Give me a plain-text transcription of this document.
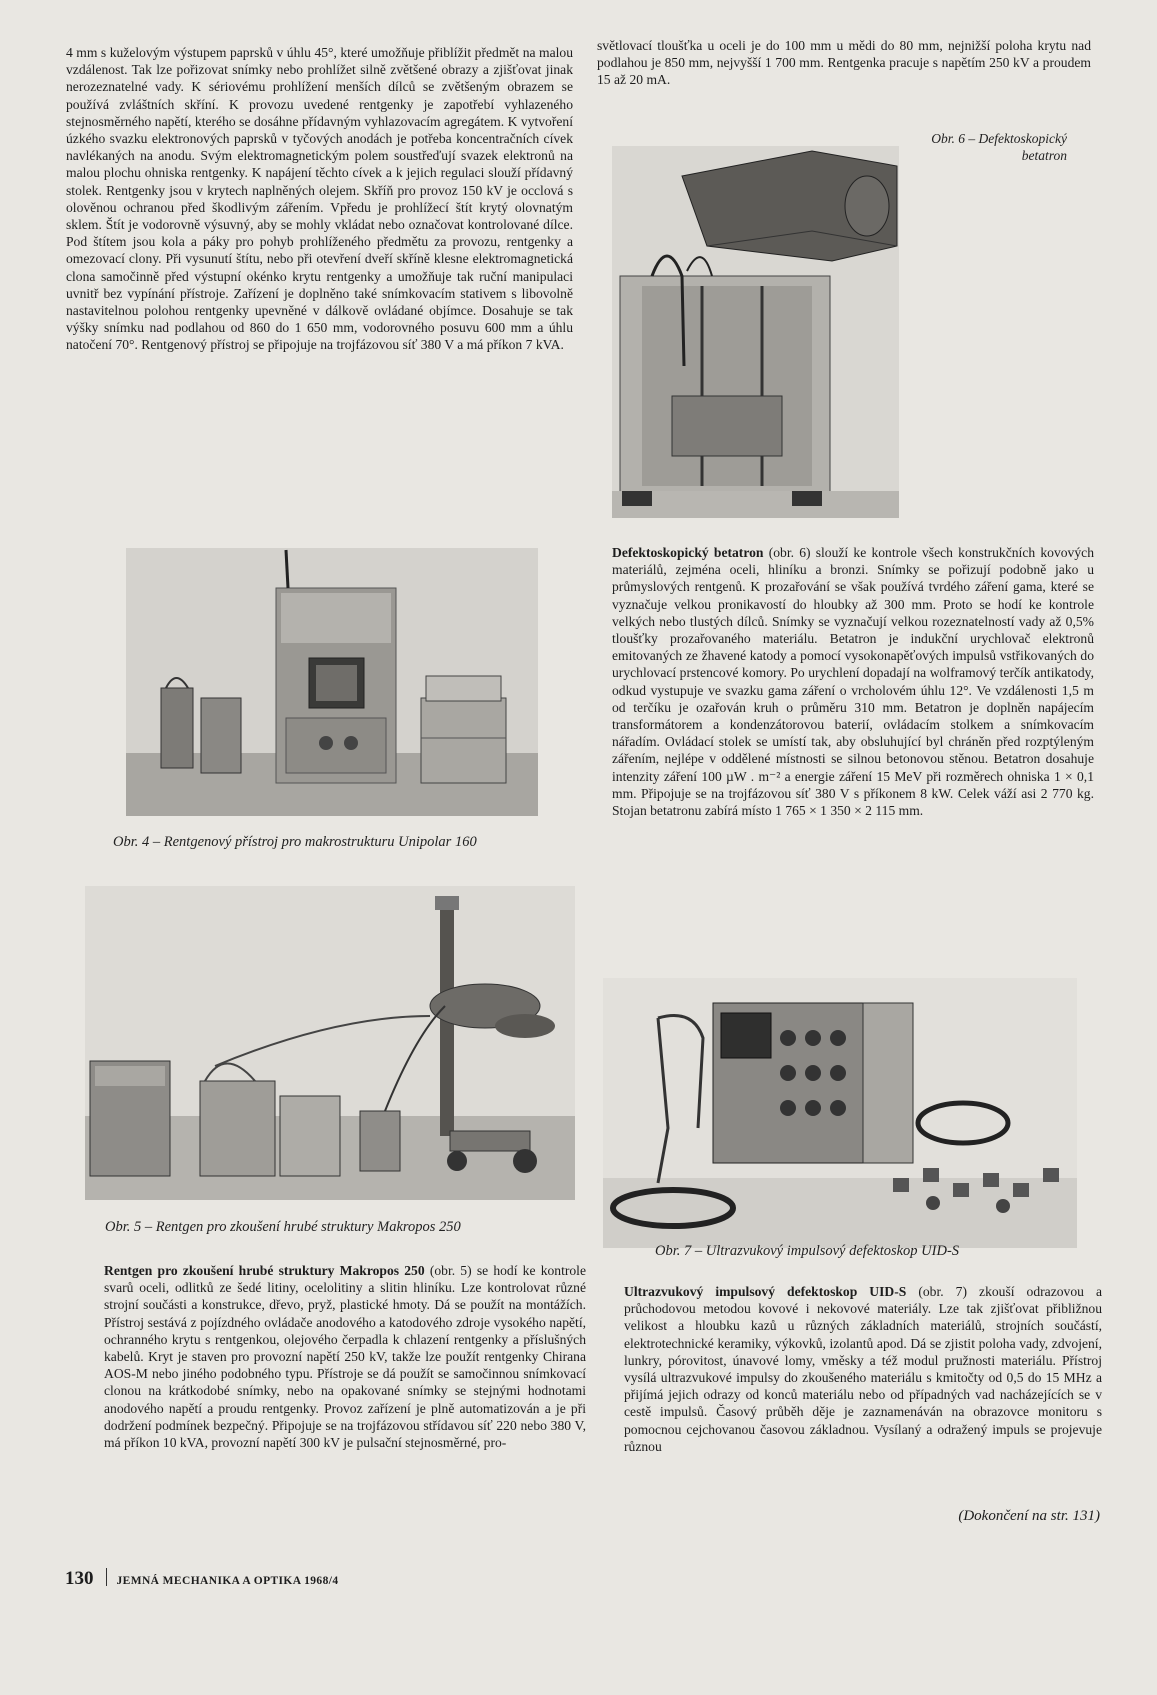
4 mm s kuželovým výstupem paprsků v úhlu 45°, které umožňuje přiblížit předmět na malou vzdálenost. Tak lze pořizovat snímky nebo prohlížet silně zvětšené obrazy a zjišťovat jinak nerozeznatelné vady. K sériovému prohlížení menších dílců se zvětšeným obrazem se používá zvláštních skříní. K provozu uvedené rentgenky je zapotřebí vyhlazeného stejnosměrného napětí, kterého se dosáhne přídavným vyhlazovacím agregátem. K vytvoření úzkého svazku elektronových paprsků v tyčových anodách je potřeba koncentračních cívek navlékaných na anodu. Svým elektromagnetickým polem soustřeďují svazek elektronů na malou plochu ohniska rentgenky. K napájení těchto cívek a k jejich regulaci slouží přídavný stolek. Rentgenky jsou v krytech naplněných olejem. Skříň pro provoz 150 kV je occlová s olověnou ochranou před škodlivým zářením. Vpředu je prohlížecí štít krytý olovnatým sklem. Štít je vodorovně výsuvný, aby se mohly vkládat nebo označovat kontrolované dílce. Pod štítem jsou kola a páky pro pohyb prohlíženého předmětu za provozu, rentgenky a omezovací clony. Při vysunutí štítu, nebo při otevření dveří skříně klesne elektromagnetická clona samočinně před výstupní okénko krytu rentgenky a umožňuje tak ruční manipulaci uvnitř bez vypínání přístroje. Zařízení je doplněno také snímkovacím stativem s libovolně nastavitelnou polohou rentgenky upevněné v dálkově ovládané objímce. Dosahuje se tak výšky snímku nad podlahou od 860 do 1 650 mm, vodorovného posuvu 600 mm a úhlu natočení 70°. Rentgenový přístroj se připojuje na trojfázovou síť 380 V a má příkon 7 kVA.

Obr. 4 – Rentgenový přístroj pro makrostrukturu Unipolar 160
Obr. 5 – Rentgen pro zkoušení hrubé struktury Makropos 250

Rentgen pro zkoušení hrubé struktury Makropos 250 (obr. 5) se hodí ke kontrole svarů oceli, odlitků ze šedé litiny, ocelolitiny a slitin hliníku. Lze kontrolovat různé strojní součásti a konstrukce, dřevo, pryž, plastické hmoty. Dá se použít na montážích. Přístroj sestává z pojízdného ovládače anodového a katodového zdroje vysokého napětí, ochranného krytu s rentgenkou, olejového čerpadla k chlazení rentgenky a příslušných kabelů. Kryt je staven pro provozní napětí 250 kV, takže lze použít rentgenky Chirana AOS-M nebo jiného podobného typu. Přístroje se dá použít se samočinnou snímkovací clonou na krátkodobé snímky, nebo na opakované snímky se stejnými hodnotami anodového napětí a proudu rentgenky. Provoz zařízení je plně automatizován a je při dodržení podmínek bezpečný. Připojuje se na trojfázovou střídavou síť 220 nebo 380 V, má příkon 10 kVA, provozní napětí 300 kV je pulsační stejnosměrné, pro-

světlovací tloušťka u oceli je do 100 mm u mědi do 80 mm, nejnižší poloha krytu nad podlahou je 850 mm, nejvyšší 1 700 mm. Rentgenka pracuje s napětím 250 kV a proudem 15 až 20 mA.

Obr. 6 – Defektoskopický betatron

Defektoskopický betatron (obr. 6) slouží ke kontrole všech konstrukčních kovových materiálů, zejména oceli, hliníku a bronzi. Snímky se pořizují podobně jako u průmyslových rentgenů. K prozařování se však používá tvrdého záření gama, které se vyznačuje velkou pronikavostí do hloubky až 300 mm. Proto se hodí ke kontrole velkých nebo tlustých dílců. Snímky se vyznačují velkou rozeznatelností vady až 0,5% tloušťky prozařovaného materiálu. Betatron je indukční urychlovač elektronů emitovaných ze žhavené katody a pomocí vysokonapěťových impulsů vstřikovaných do urychlovací prstencové komory. Po urychlení dopadají na wolframový terčík antikatody, odkud vystupuje ve svazku gama záření o vrcholovém úhlu 12°. Ve vzdálenosti 1,5 m od terčíku je ozařován kruh o průměru 310 mm. Betatron je doplněn napájecím transformátorem a kondenzátorovou baterií, ovládacím stolkem a snímkovacím nářadím. Ovládací stolek se umístí tak, aby obsluhující byl chráněn před rozptýleným zářením, nejlépe v oddělené místnosti se silnou betonovou stěnou. Betatron dosahuje intenzity záření 100 µW . m⁻² a energie záření 15 MeV při rozměrech ohniska 1 × 0,1 mm. Připojuje se na trojfázovou síť 380 V s příkonem 8 kW. Celek váží asi 2 770 kg. Stojan betatronu zabírá místo 1 765 × 1 350 × 2 115 mm.

Obr. 7 – Ultrazvukový impulsový defektoskop UID-S

Ultrazvukový impulsový defektoskop UID-S (obr. 7) zkouší odrazovou a průchodovou metodou kovové i nekovové materiály. Lze tak zjišťovat přibližnou velikost a hloubku kazů u různých základních materiálů, strojních součástí, elektrotechnické keramiky, výkovků, izolantů apod. Dá se zjistit poloha vady, zdvojení, lunkry, pórovitost, únavové lomy, vměsky a též modul pružnosti materiálu. Přístroj vysílá ultrazvukové impulsy do zkoušeného materiálu s kmitočty od 0,5 do 15 MHz a přijímá jejich odrazy od konců materiálu nebo od případných vad nacházejících se v cestě impulsů. Časový průběh děje je zaznamenáván na obrazovce monitoru s pomocnou cejchovanou časovou základnou. Vysílaný a odražený impuls se projevuje různou

(Dokončení na str. 131)
130 JEMNÁ MECHANIKA A OPTIKA 1968/4
